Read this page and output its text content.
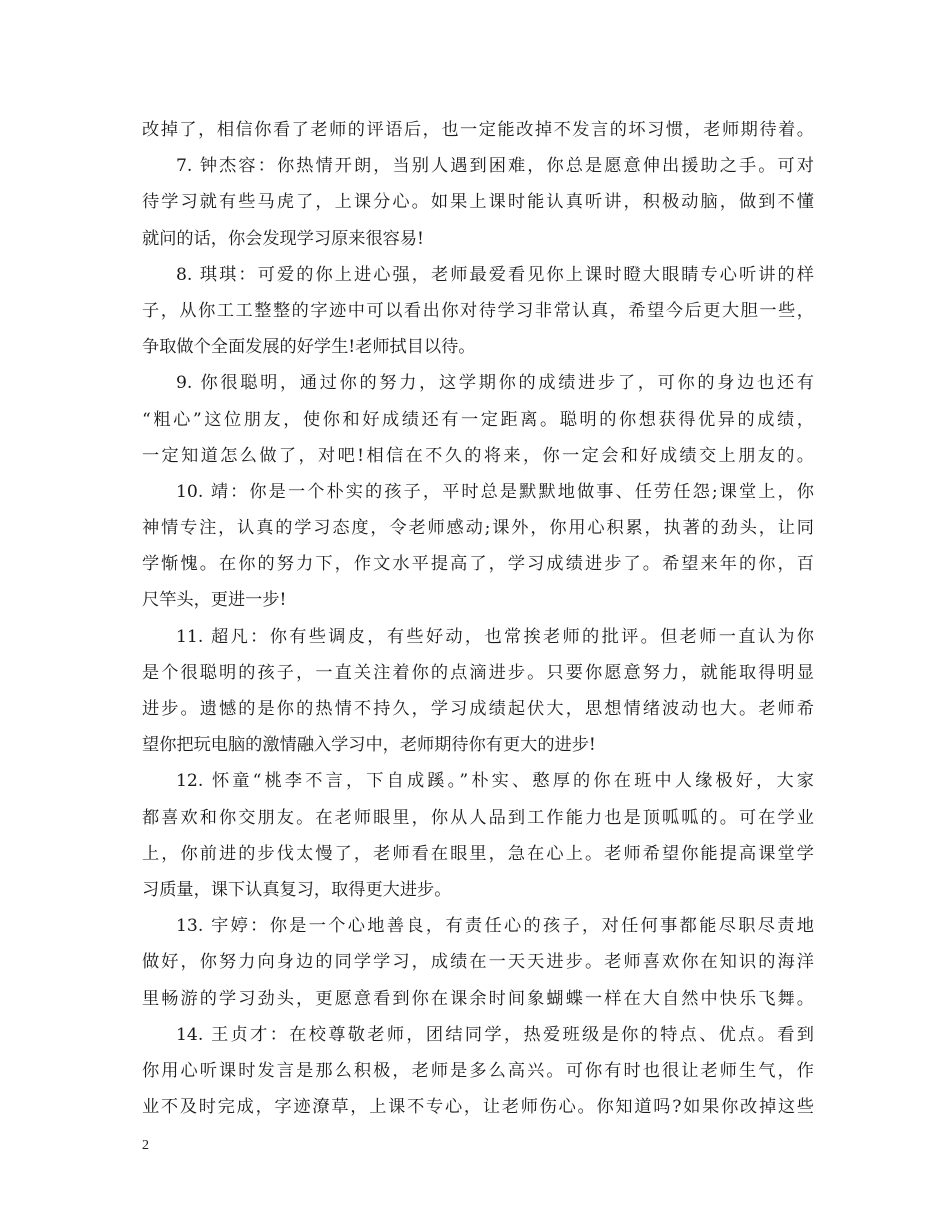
改掉了，相信你看了老师的评语后，也一定能改掉不发言的坏习惯，老师期待着。
7. 钟杰容：你热情开朗，当别人遇到困难，你总是愿意伸出援助之手。可对
待学习就有些马虎了，上课分心。如果上课时能认真听讲，积极动脑，做到不懂
就问的话，你会发现学习原来很容易!
8. 琪琪：可爱的你上进心强，老师最爱看见你上课时瞪大眼睛专心听讲的样
子，从你工工整整的字迹中可以看出你对待学习非常认真，希望今后更大胆一些，
争取做个全面发展的好学生!老师拭目以待。
9. 你很聪明，通过你的努力，这学期你的成绩进步了，可你的身边也还有
“粗心”这位朋友，使你和好成绩还有一定距离。聪明的你想获得优异的成绩，
一定知道怎么做了，对吧!相信在不久的将来，你一定会和好成绩交上朋友的。
10. 靖：你是一个朴实的孩子，平时总是默默地做事、任劳任怨;课堂上，你
神情专注，认真的学习态度，令老师感动;课外，你用心积累，执著的劲头，让同
学惭愧。在你的努力下，作文水平提高了，学习成绩进步了。希望来年的你，百
尺竿头，更进一步!
11. 超凡：你有些调皮，有些好动，也常挨老师的批评。但老师一直认为你
是个很聪明的孩子，一直关注着你的点滴进步。只要你愿意努力，就能取得明显
进步。遗憾的是你的热情不持久，学习成绩起伏大，思想情绪波动也大。老师希
望你把玩电脑的激情融入学习中，老师期待你有更大的进步!
12. 怀童“桃李不言，下自成蹊。”朴实、憨厚的你在班中人缘极好，大家
都喜欢和你交朋友。在老师眼里，你从人品到工作能力也是顶呱呱的。可在学业
上，你前进的步伐太慢了，老师看在眼里，急在心上。老师希望你能提高课堂学
习质量，课下认真复习，取得更大进步。
13. 宇婷：你是一个心地善良，有责任心的孩子，对任何事都能尽职尽责地
做好，你努力向身边的同学学习，成绩在一天天进步。老师喜欢你在知识的海洋
里畅游的学习劲头，更愿意看到你在课余时间象蝴蝶一样在大自然中快乐飞舞。
14. 王贞才：在校尊敬老师，团结同学，热爱班级是你的特点、优点。看到
你用心听课时发言是那么积极，老师是多么高兴。可你有时也很让老师生气，作
业不及时完成，字迹潦草，上课不专心，让老师伤心。你知道吗?如果你改掉这些
2
